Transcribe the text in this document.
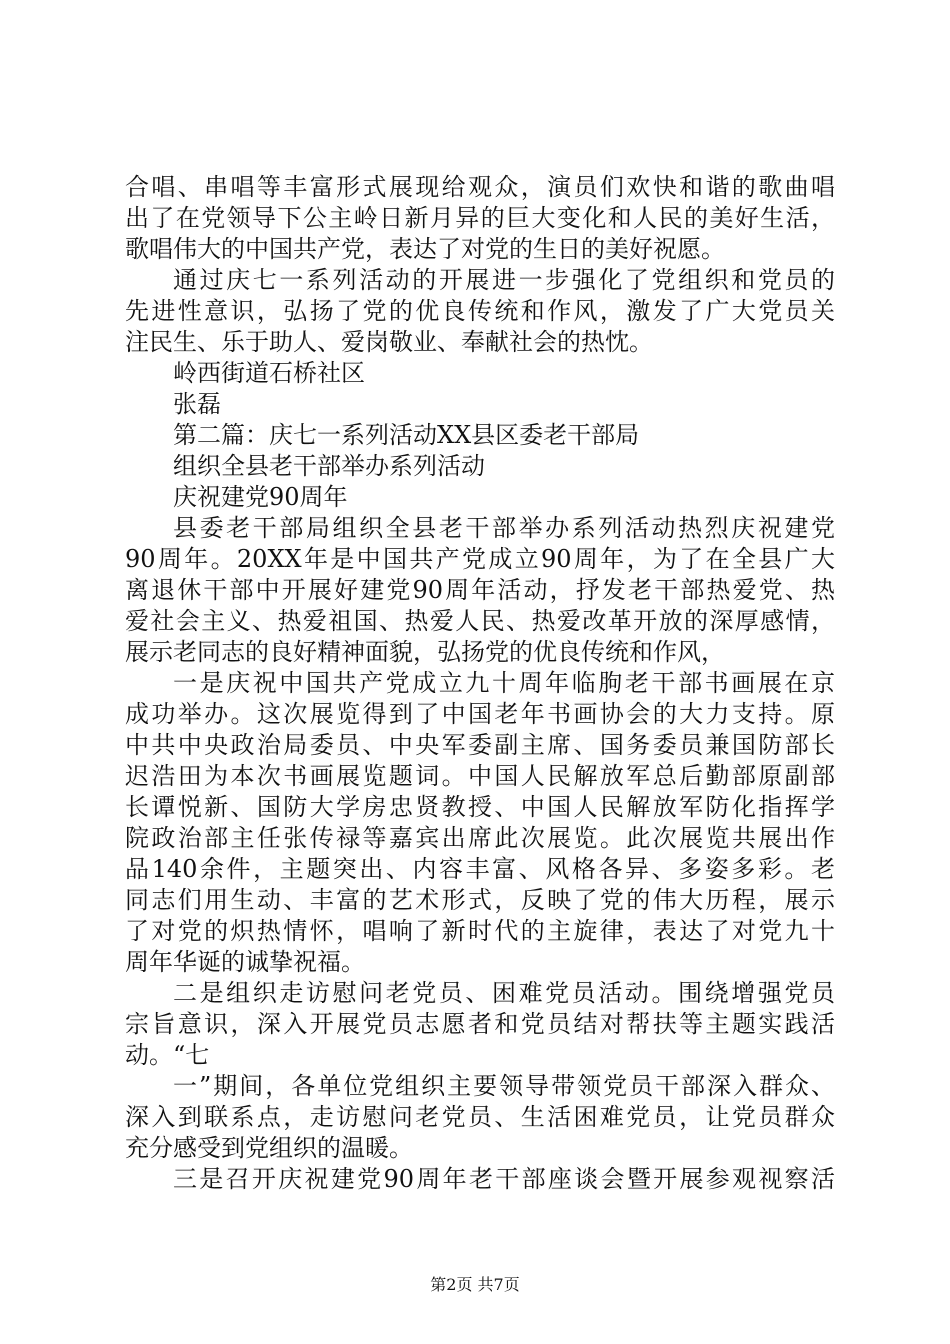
合唱、串唱等丰富形式展现给观众，演员们欢快和谐的歌曲唱
出了在党领导下公主岭日新月异的巨大变化和人民的美好生活，
歌唱伟大的中国共产党，表达了对党的生日的美好祝愿。
通过庆七一系列活动的开展进一步强化了党组织和党员的
先进性意识，弘扬了党的优良传统和作风，激发了广大党员关
注民生、乐于助人、爱岗敬业、奉献社会的热忱。
岭西街道石桥社区
张磊
第二篇：庆七一系列活动XX县区委老干部局
组织全县老干部举办系列活动
庆祝建党90周年
县委老干部局组织全县老干部举办系列活动热烈庆祝建党
90周年。20XX年是中国共产党成立90周年，为了在全县广大
离退休干部中开展好建党90周年活动，抒发老干部热爱党、热
爱社会主义、热爱祖国、热爱人民、热爱改革开放的深厚感情，
展示老同志的良好精神面貌，弘扬党的优良传统和作风，
一是庆祝中国共产党成立九十周年临朐老干部书画展在京
成功举办。这次展览得到了中国老年书画协会的大力支持。原
中共中央政治局委员、中央军委副主席、国务委员兼国防部长
迟浩田为本次书画展览题词。中国人民解放军总后勤部原副部
长谭悦新、国防大学房忠贤教授、中国人民解放军防化指挥学
院政治部主任张传禄等嘉宾出席此次展览。此次展览共展出作
品140余件，主题突出、内容丰富、风格各异、多姿多彩。老
同志们用生动、丰富的艺术形式，反映了党的伟大历程，展示
了对党的炽热情怀，唱响了新时代的主旋律，表达了对党九十
周年华诞的诚挚祝福。
二是组织走访慰问老党员、困难党员活动。围绕增强党员
宗旨意识，深入开展党员志愿者和党员结对帮扶等主题实践活
动。“七
一”期间，各单位党组织主要领导带领党员干部深入群众、
深入到联系点，走访慰问老党员、生活困难党员，让党员群众
充分感受到党组织的温暖。
三是召开庆祝建党90周年老干部座谈会暨开展参观视察活
第2页 共7页
